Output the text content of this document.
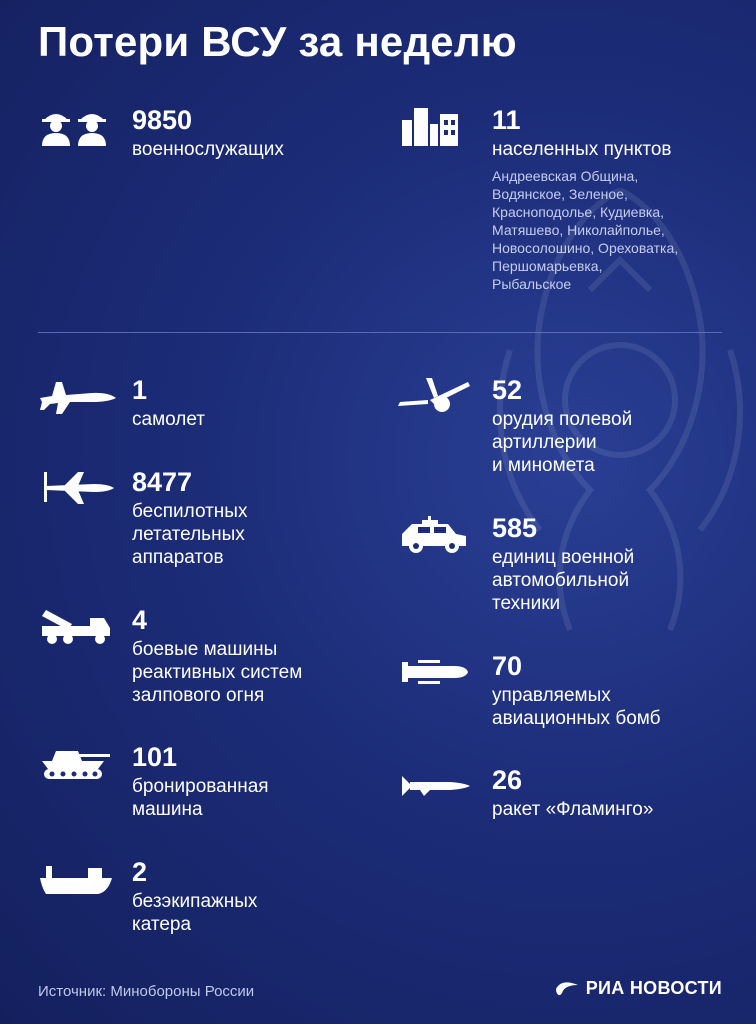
Потери ВСУ за неделю
9850
военнослужащих
11
населенных пунктов
Андреевская Община,
Водянское, Зеленое,
Красноподолье, Кудиевка,
Матяшево, Николайполье,
Новосолошино, Ореховатка,
Першомарьевка,
Рыбальское
1
самолет
8477
беспилотных
летательных
аппаратов
4
боевые машины
реактивных систем
залпового огня
101
бронированная
машина
2
безэкипажных
катера
52
орудия полевой
артиллерии
и миномета
585
единиц военной
автомобильной
техники
70
управляемых
авиационных бомб
26
ракет «Фламинго»
Источник: Минобороны России	РИА НОВОСТИ
